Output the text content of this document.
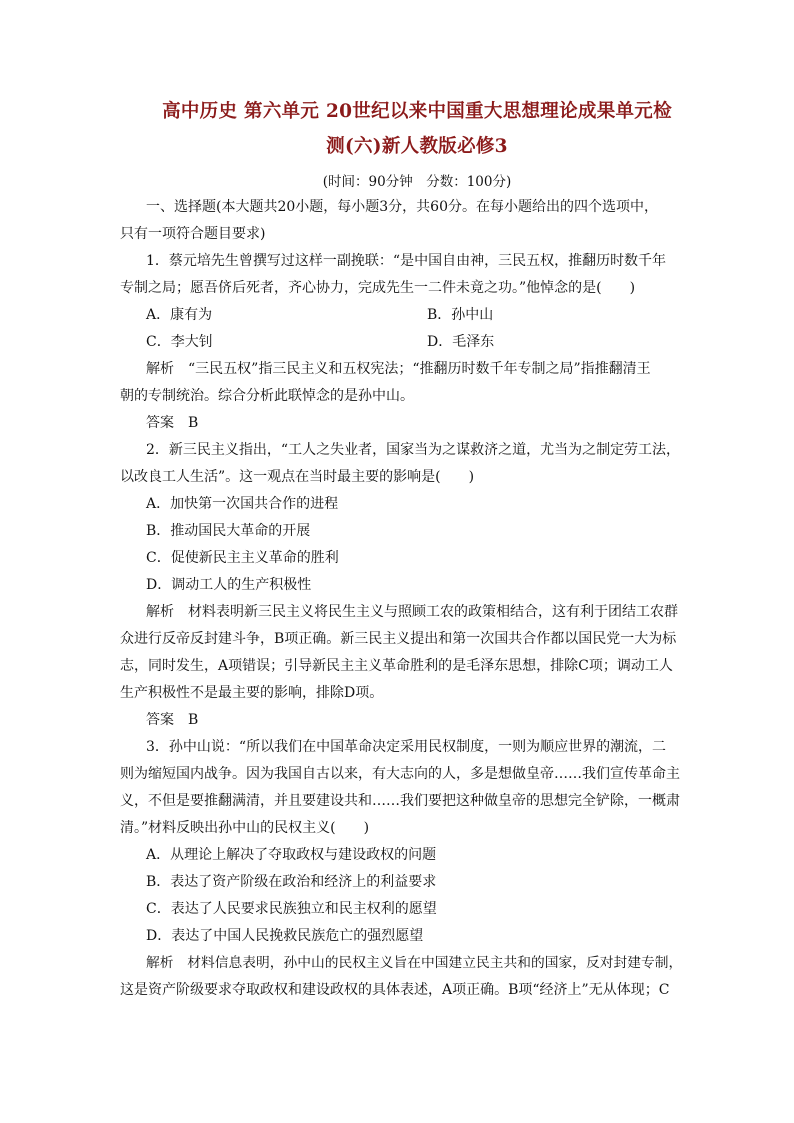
高中历史 第六单元 20世纪以来中国重大思想理论成果单元检
测(六)新人教版必修3
(时间：90分钟　分数：100分)
一、选择题(本大题共20小题，每小题3分，共60分。在每小题给出的四个选项中，
只有一项符合题目要求)
1．蔡元培先生曾撰写过这样一副挽联：“是中国自由神，三民五权，推翻历时数千年
专制之局；愿吾侪后死者，齐心协力，完成先生一二件未竟之功。”他悼念的是(　　)
A．康有为	B．孙中山
C．李大钊	D．毛泽东
解析　“三民五权”指三民主义和五权宪法；“推翻历时数千年专制之局”指推翻清王
朝的专制统治。综合分析此联悼念的是孙中山。
答案　B
2．新三民主义指出，“工人之失业者，国家当为之谋救济之道，尤当为之制定劳工法，
以改良工人生活”。这一观点在当时最主要的影响是(　　)
A．加快第一次国共合作的进程
B．推动国民大革命的开展
C．促使新民主主义革命的胜利
D．调动工人的生产积极性
解析　材料表明新三民主义将民生主义与照顾工农的政策相结合，这有利于团结工农群
众进行反帝反封建斗争，B项正确。新三民主义提出和第一次国共合作都以国民党一大为标
志，同时发生，A项错误；引导新民主主义革命胜利的是毛泽东思想，排除C项；调动工人
生产积极性不是最主要的影响，排除D项。
答案　B
3．孙中山说：“所以我们在中国革命决定采用民权制度，一则为顺应世界的潮流，二
则为缩短国内战争。因为我国自古以来，有大志向的人，多是想做皇帝……我们宣传革命主
义，不但是要推翻满清，并且要建设共和……我们要把这种做皇帝的思想完全铲除，一概肃
清。”材料反映出孙中山的民权主义(　　)
A．从理论上解决了夺取政权与建设政权的问题
B．表达了资产阶级在政治和经济上的利益要求
C．表达了人民要求民族独立和民主权利的愿望
D．表达了中国人民挽救民族危亡的强烈愿望
解析　材料信息表明，孙中山的民权主义旨在中国建立民主共和的国家，反对封建专制，
这是资产阶级要求夺取政权和建设政权的具体表述，A项正确。B项“经济上”无从体现；C
